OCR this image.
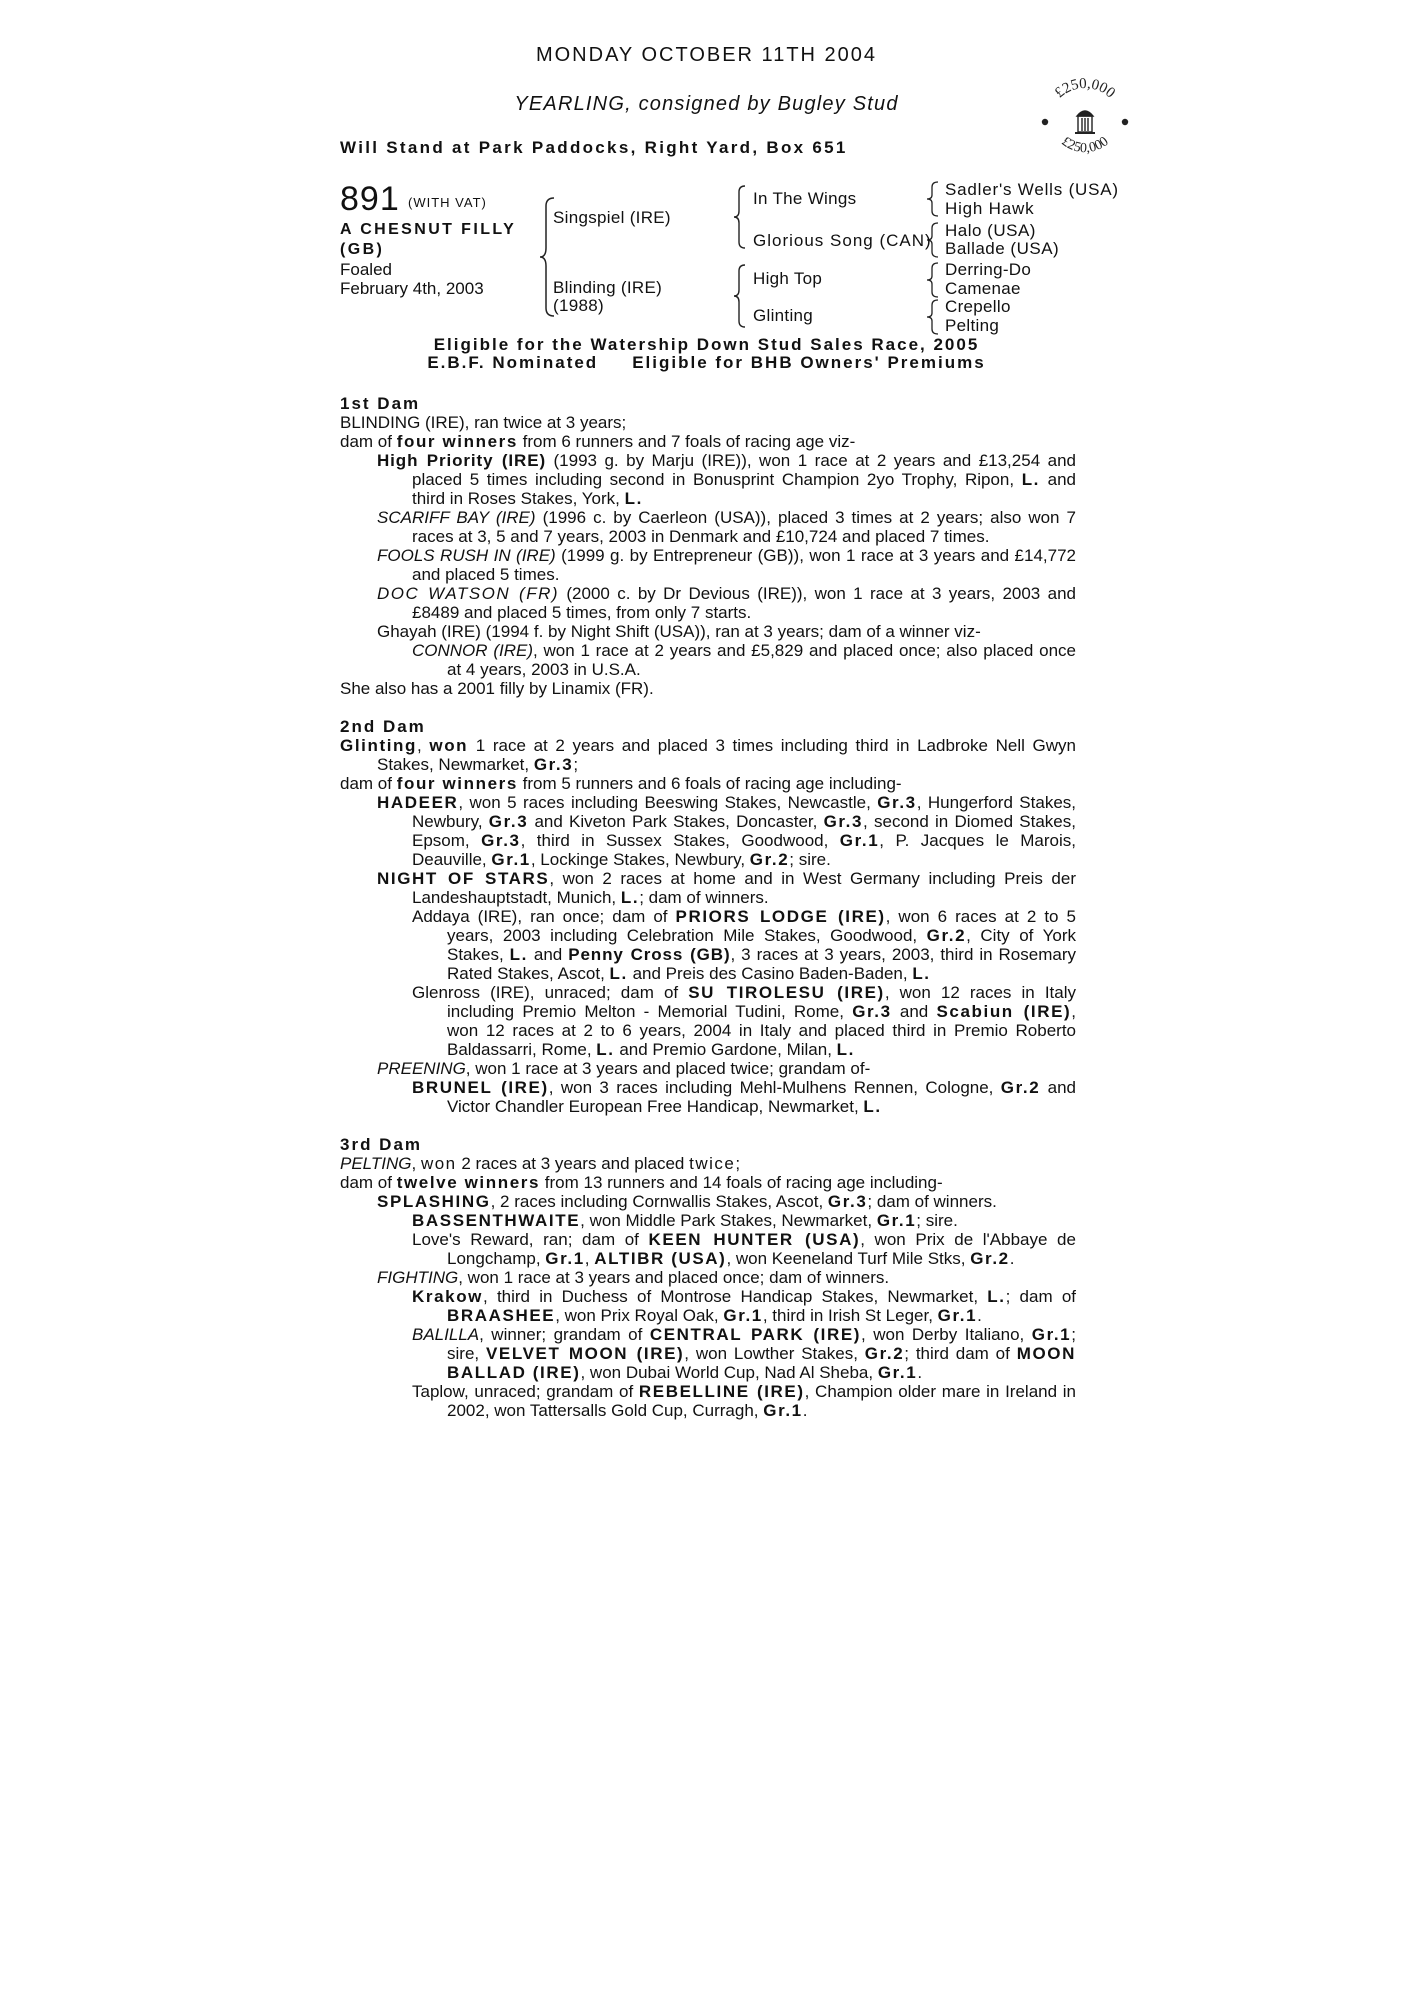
MONDAY OCTOBER 11TH 2004
YEARLING, consigned by Bugley Stud
Will Stand at Park Paddocks, Right Yard, Box 651
£250,000
£250,000
891 (WITH VAT)
A CHESNUT FILLY (GB)
Foaled
February 4th, 2003
Singspiel (IRE)
Blinding (IRE)
(1988)
In The Wings
Glorious Song (CAN)
High Top
Glinting
Sadler's Wells (USA)
High Hawk
Halo (USA)
Ballade (USA)
Derring-Do
Camenae
Crepello
Pelting
Eligible for the Watership Down Stud Sales Race, 2005
E.B.F. Nominated Eligible for BHB Owners' Premiums
1st Dam
BLINDING (IRE), ran twice at 3 years;
dam of four winners from 6 runners and 7 foals of racing age viz-
High Priority (IRE) (1993 g. by Marju (IRE)), won 1 race at 2 years and £13,254 and placed 5 times including second in Bonusprint Champion 2yo Trophy, Ripon, L. and third in Roses Stakes, York, L.
SCARIFF BAY (IRE) (1996 c. by Caerleon (USA)), placed 3 times at 2 years; also won 7 races at 3, 5 and 7 years, 2003 in Denmark and £10,724 and placed 7 times.
FOOLS RUSH IN (IRE) (1999 g. by Entrepreneur (GB)), won 1 race at 3 years and £14,772 and placed 5 times.
DOC WATSON (FR) (2000 c. by Dr Devious (IRE)), won 1 race at 3 years, 2003 and £8489 and placed 5 times, from only 7 starts.
Ghayah (IRE) (1994 f. by Night Shift (USA)), ran at 3 years; dam of a winner viz-
CONNOR (IRE), won 1 race at 2 years and £5,829 and placed once; also placed once at 4 years, 2003 in U.S.A.
She also has a 2001 filly by Linamix (FR).
2nd Dam
Glinting, won 1 race at 2 years and placed 3 times including third in Ladbroke Nell Gwyn Stakes, Newmarket, Gr.3;
dam of four winners from 5 runners and 6 foals of racing age including-
HADEER, won 5 races including Beeswing Stakes, Newcastle, Gr.3, Hungerford Stakes, Newbury, Gr.3 and Kiveton Park Stakes, Doncaster, Gr.3, second in Diomed Stakes, Epsom, Gr.3, third in Sussex Stakes, Goodwood, Gr.1, P. Jacques le Marois, Deauville, Gr.1, Lockinge Stakes, Newbury, Gr.2; sire.
NIGHT OF STARS, won 2 races at home and in West Germany including Preis der Landeshauptstadt, Munich, L.; dam of winners.
Addaya (IRE), ran once; dam of PRIORS LODGE (IRE), won 6 races at 2 to 5 years, 2003 including Celebration Mile Stakes, Goodwood, Gr.2, City of York Stakes, L. and Penny Cross (GB), 3 races at 3 years, 2003, third in Rosemary Rated Stakes, Ascot, L. and Preis des Casino Baden-Baden, L.
Glenross (IRE), unraced; dam of SU TIROLESU (IRE), won 12 races in Italy including Premio Melton - Memorial Tudini, Rome, Gr.3 and Scabiun (IRE), won 12 races at 2 to 6 years, 2004 in Italy and placed third in Premio Roberto Baldassarri, Rome, L. and Premio Gardone, Milan, L.
PREENING, won 1 race at 3 years and placed twice; grandam of-
BRUNEL (IRE), won 3 races including Mehl-Mulhens Rennen, Cologne, Gr.2 and Victor Chandler European Free Handicap, Newmarket, L.
3rd Dam
PELTING, won 2 races at 3 years and placed twice;
dam of twelve winners from 13 runners and 14 foals of racing age including-
SPLASHING, 2 races including Cornwallis Stakes, Ascot, Gr.3; dam of winners.
BASSENTHWAITE, won Middle Park Stakes, Newmarket, Gr.1; sire.
Love's Reward, ran; dam of KEEN HUNTER (USA), won Prix de l'Abbaye de Longchamp, Gr.1, ALTIBR (USA), won Keeneland Turf Mile Stks, Gr.2.
FIGHTING, won 1 race at 3 years and placed once; dam of winners.
Krakow, third in Duchess of Montrose Handicap Stakes, Newmarket, L.; dam of BRAASHEE, won Prix Royal Oak, Gr.1, third in Irish St Leger, Gr.1.
BALILLA, winner; grandam of CENTRAL PARK (IRE), won Derby Italiano, Gr.1; sire, VELVET MOON (IRE), won Lowther Stakes, Gr.2; third dam of MOON BALLAD (IRE), won Dubai World Cup, Nad Al Sheba, Gr.1.
Taplow, unraced; grandam of REBELLINE (IRE), Champion older mare in Ireland in 2002, won Tattersalls Gold Cup, Curragh, Gr.1.
